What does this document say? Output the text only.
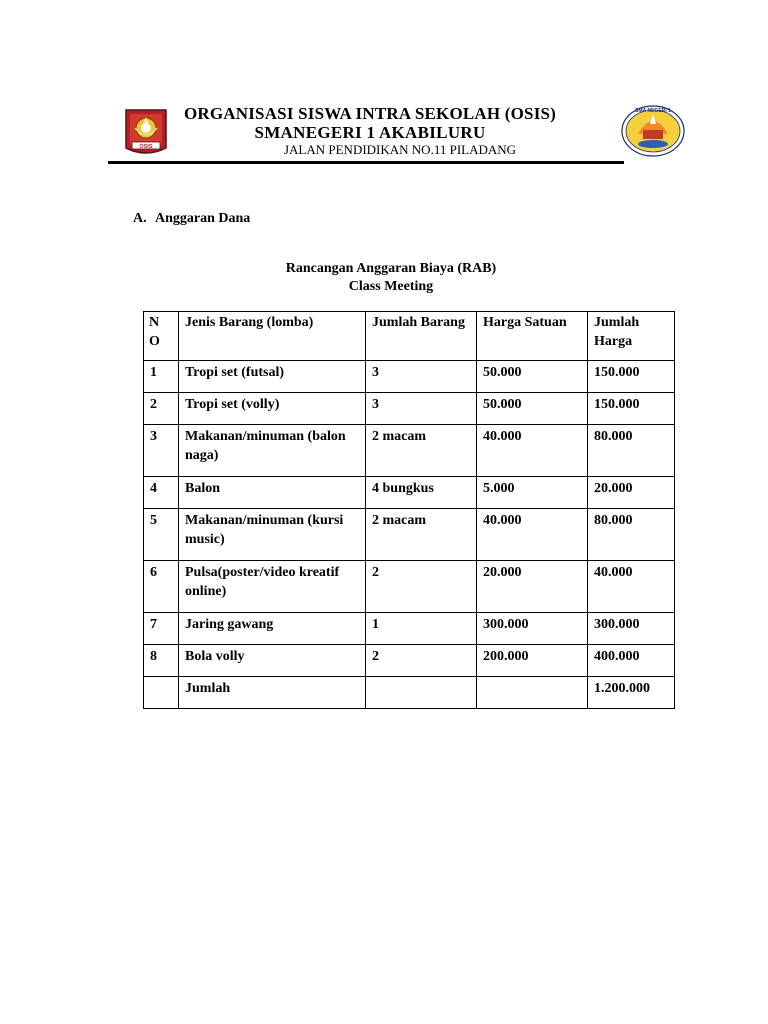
OSIS
ORGANISASI SISWA INTRA SEKOLAH (OSIS)
SMANEGERI 1 AKABILURU
JALAN PENDIDIKAN NO.11 PILADANG
SMA NEGERI 1
A. Anggaran Dana
Rancangan Anggaran Biaya (RAB)
Class Meeting
N O	Jenis Barang (lomba)	Jumlah Barang	Harga Satuan	Jumlah Harga
1	Tropi set (futsal)	3	50.000	150.000
2	Tropi set (volly)	3	50.000	150.000
3	Makanan/minuman (balon naga)	2 macam	40.000	80.000
4	Balon	4 bungkus	5.000	20.000
5	Makanan/minuman (kursi music)	2 macam	40.000	80.000
6	Pulsa(poster/video kreatif online)	2	20.000	40.000
7	Jaring gawang	1	300.000	300.000
8	Bola volly	2	200.000	400.000
	Jumlah			1.200.000
